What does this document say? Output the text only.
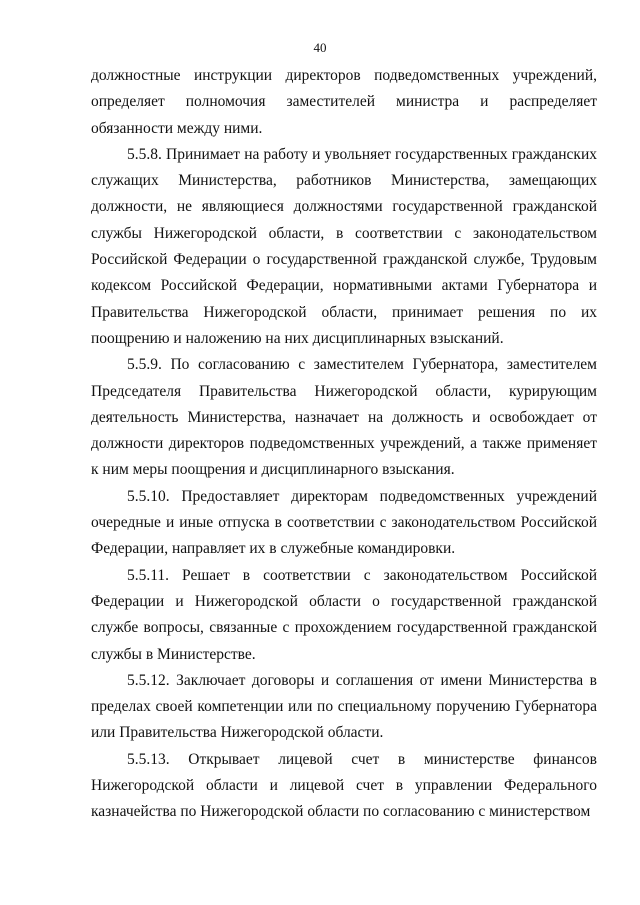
40

должностные инструкции директоров подведомственных учреждений, определяет полномочия заместителей министра и распределяет обязанности между ними.

5.5.8. Принимает на работу и увольняет государственных гражданских служащих Министерства, работников Министерства, замещающих должности, не являющиеся должностями государственной гражданской службы Нижегородской области, в соответствии с законодательством Российской Федерации о государственной гражданской службе, Трудовым кодексом Российской Федерации, нормативными актами Губернатора и Правительства Нижегородской области, принимает решения по их поощрению и наложению на них дисциплинарных взысканий.

5.5.9. По согласованию с заместителем Губернатора, заместителем Председателя Правительства Нижегородской области, курирующим деятельность Министерства, назначает на должность и освобождает от должности директоров подведомственных учреждений, а также применяет к ним меры поощрения и дисциплинарного взыскания.

5.5.10. Предоставляет директорам подведомственных учреждений очередные и иные отпуска в соответствии с законодательством Российской Федерации, направляет их в служебные командировки.

5.5.11. Решает в соответствии с законодательством Российской Федерации и Нижегородской области о государственной гражданской службе вопросы, связанные с прохождением государственной гражданской службы в Министерстве.

5.5.12. Заключает договоры и соглашения от имени Министерства в пределах своей компетенции или по специальному поручению Губернатора или Правительства Нижегородской области.

5.5.13. Открывает лицевой счет в министерстве финансов Нижегородской области и лицевой счет в управлении Федерального казначейства по Нижегородской области по согласованию с министерством
